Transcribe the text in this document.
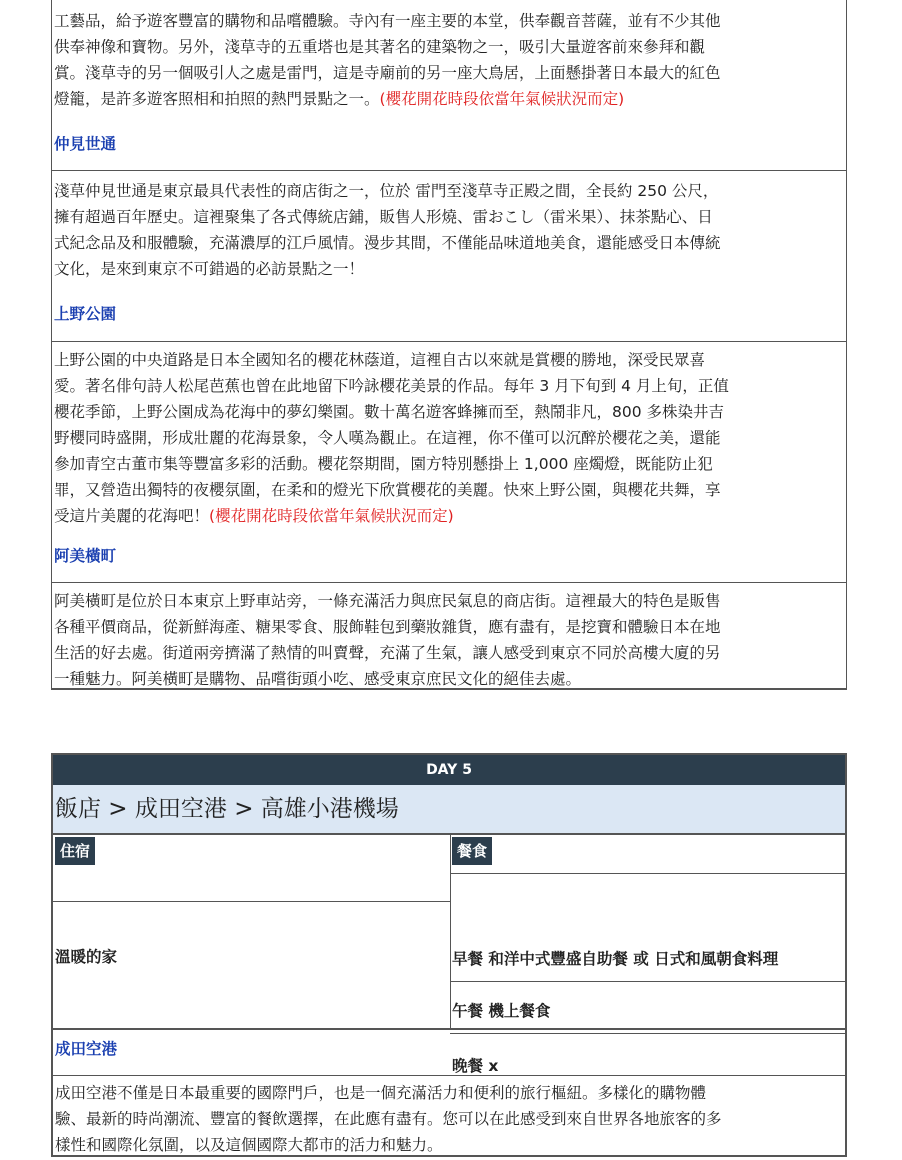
工藝品，給予遊客豐富的購物和品嚐體驗。寺內有一座主要的本堂，供奉觀音菩薩，並有不少其他

供奉神像和寶物。另外，淺草寺的五重塔也是其著名的建築物之一，吸引大量遊客前來參拜和觀

賞。淺草寺的另一個吸引人之處是雷門，這是寺廟前的另一座大鳥居，上面懸掛著日本最大的紅色

燈籠，是許多遊客照相和拍照的熱門景點之一。(櫻花開花時段依當年氣候狀況而定)

仲見世通

淺草仲見世通是東京最具代表性的商店街之一，位於 雷門至淺草寺正殿之間，全長約 250 公尺，

擁有超過百年歷史。這裡聚集了各式傳統店鋪，販售人形燒、雷おこし（雷米果）、抹茶點心、日

式紀念品及和服體驗，充滿濃厚的江戶風情。漫步其間，不僅能品味道地美食，還能感受日本傳統

文化，是來到東京不可錯過的必訪景點之一！

上野公園

上野公園的中央道路是日本全國知名的櫻花林蔭道，這裡自古以來就是賞櫻的勝地，深受民眾喜

愛。著名俳句詩人松尾芭蕉也曾在此地留下吟詠櫻花美景的作品。每年 3 月下旬到 4 月上旬，正值

櫻花季節，上野公園成為花海中的夢幻樂園。數十萬名遊客蜂擁而至，熱鬧非凡，800 多株染井吉

野櫻同時盛開，形成壯麗的花海景象，令人嘆為觀止。在這裡，你不僅可以沉醉於櫻花之美，還能

參加青空古董市集等豐富多彩的活動。櫻花祭期間，園方特別懸掛上 1,000 座燭燈，既能防止犯

罪，又營造出獨特的夜櫻氛圍，在柔和的燈光下欣賞櫻花的美麗。快來上野公園，與櫻花共舞，享

受這片美麗的花海吧！(櫻花開花時段依當年氣候狀況而定)

阿美橫町

阿美橫町是位於日本東京上野車站旁，一條充滿活力與庶民氣息的商店街。這裡最大的特色是販售

各種平價商品，從新鮮海產、糖果零食、服飾鞋包到藥妝雜貨，應有盡有，是挖寶和體驗日本在地

生活的好去處。街道兩旁擠滿了熱情的叫賣聲，充滿了生氣，讓人感受到東京不同於高樓大廈的另

一種魅力。阿美橫町是購物、品嚐街頭小吃、感受東京庶民文化的絕佳去處。

DAY 5
飯店 > 成田空港 > 高雄小港機場
住宿
溫暖的家
餐食
早餐 和洋中式豐盛自助餐 或 日式和風朝食料理
午餐 機上餐食
晚餐 x
成田空港

成田空港不僅是日本最重要的國際門戶，也是一個充滿活力和便利的旅行樞紐。多樣化的購物體

驗、最新的時尚潮流、豐富的餐飲選擇，在此應有盡有。您可以在此感受到來自世界各地旅客的多

樣性和國際化氛圍，以及這個國際大都市的活力和魅力。
